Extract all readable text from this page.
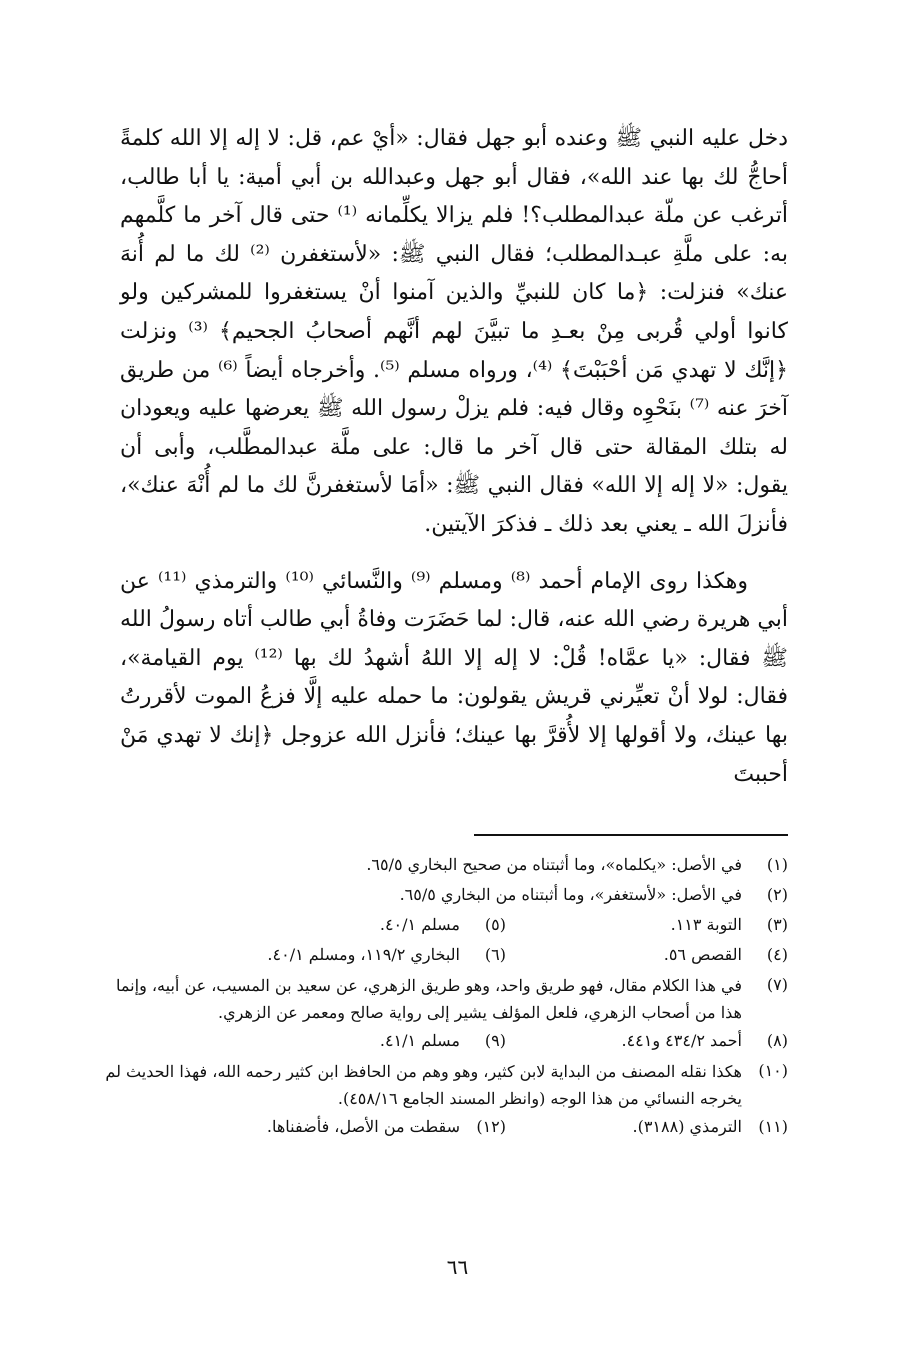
دخل عليه النبي ﷺ وعنده أبو جهل فقال: «أيْ عم، قل: لا إله إلا الله كلمةً أحاجُّ لك بها عند الله»، فقال أبو جهل وعبدالله بن أبي أمية: يا أبا طالب، أترغب عن ملّة عبدالمطلب؟! فلم يزالا يكلِّمانه ⁽¹⁾ حتى قال آخر ما كلَّمهم به: على ملَّةِ عبـدالمطلب؛ فقال النبي ﷺ: «لأستغفرن ⁽²⁾ لك ما لم أُنهَ عنك» فنزلت: ﴿ما كان للنبيِّ والذين آمنوا أنْ يستغفروا للمشركين ولو كانوا أولي قُربى مِنْ بعـدِ ما تبيَّنَ لهم أنَّهم أصحابُ الجحيم﴾ ⁽³⁾ ونزلت ﴿إنَّك لا تهدي مَن أحْبَبْتَ﴾ ⁽⁴⁾، ورواه مسلم ⁽⁵⁾. وأخرجاه أيضاً ⁽⁶⁾ من طريق آخرَ عنه ⁽⁷⁾ بنَحْوِه وقال فيه: فلم يزلْ رسول الله ﷺ يعرضها عليه ويعودان له بتلك المقالة حتى قال آخر ما قال: على ملَّة عبدالمطَّلب، وأبى أن يقول: «لا إله إلا الله» فقال النبي ﷺ: «أمَا لأستغفرنَّ لك ما لم أُنْهَ عنك»، فأنزلَ الله ـ يعني بعد ذلك ـ فذكرَ الآيتين.

وهكذا روى الإمام أحمد ⁽⁸⁾ ومسلم ⁽⁹⁾ والنَّسائي ⁽¹⁰⁾ والترمذي ⁽¹¹⁾ عن أبي هريرة رضي الله عنه، قال: لما حَضَرَت وفاةُ أبي طالب أتاه رسولُ الله ﷺ فقال: «يا عمَّاه! قُلْ: لا إله إلا اللهُ أشهدُ لك بها ⁽¹²⁾ يوم القيامة»، فقال: لولا أنْ تعيِّرني قريش يقولون: ما حمله عليه إلَّا فزعُ الموت لأقررتُ بها عينك، ولا أقولها إلا لأُقرَّ بها عينك؛ فأنزل الله عزوجل ﴿إنك لا تهدي مَنْ أحببتَ

(١)
في الأصل: «يكلماه»، وما أثبتناه من صحيح البخاري ٦٥/٥.
(٢)
في الأصل: «لأستغفر»، وما أثبتناه من البخاري ٦٥/٥.
(٣)
التوبة ١١٣.
(٥)
مسلم ٤٠/١.
(٤)
القصص ٥٦.
(٦)
البخاري ١١٩/٢، ومسلم ٤٠/١.
(٧)
في هذا الكلام مقال، فهو طريق واحد، وهو طريق الزهري، عن سعيد بن المسيب، عن أبيه، وإنما هذا من أصحاب الزهري، فلعل المؤلف يشير إلى رواية صالح ومعمر عن الزهري.
(٨)
أحمد ٤٣٤/٢ و٤٤١.
(٩)
مسلم ٤١/١.
(١٠)
هكذا نقله المصنف من البداية لابن كثير، وهو وهم من الحافظ ابن كثير رحمه الله، فهذا الحديث لم يخرجه النسائي من هذا الوجه (وانظر المسند الجامع ٤٥٨/١٦).
(١١)
الترمذي (٣١٨٨).
(١٢)
سقطت من الأصل، فأضفناها.
٦٦
